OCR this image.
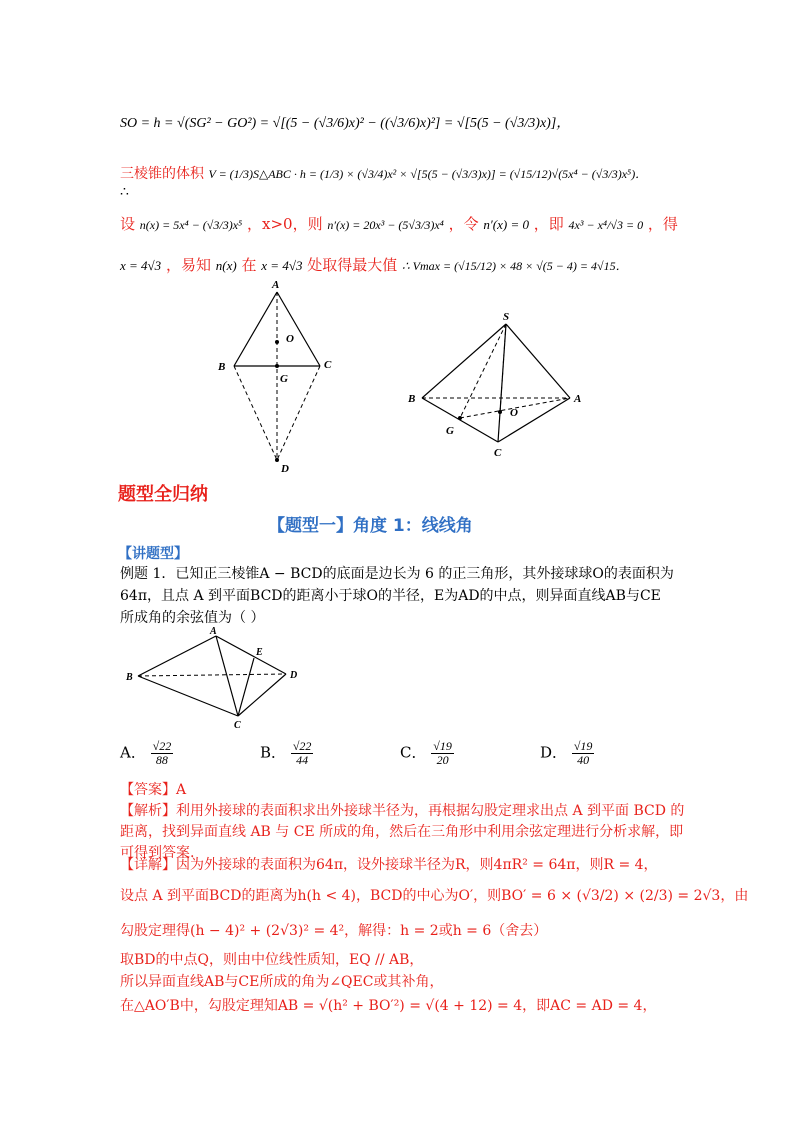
SO = h = √(SG² − GO²) = √[(5 − (√3/6)x)² − ((√3/6)x)²] = √[5(5 − (√3/3)x)]，
三棱锥的体积 V = (1/3)S△ABC · h = (1/3) × (√3/4)x² × √[5(5 − (√3/3)x)] = (√15/12)√(5x⁴ − (√3/3)x⁵)．
∴
设 n(x) = 5x⁴ − (√3/3)x⁵ ，x>0，则 n′(x) = 20x³ − (5√3/3)x⁴ ，令 n′(x) = 0 ，即 4x³ − x⁴/√3 = 0 ，得
x = 4√3 ，易知 n(x) 在 x = 4√3 处取得最大值 ∴ Vmax = (√15/12) × 48 × √(5 − 4) = 4√15．
A
O
B
G
C
D
S
B
O
A
G
C
题型全归纳
【题型一】角度 1：线线角
【讲题型】
例题 1．已知正三棱锥A − BCD的底面是边长为 6 的正三角形，其外接球球O的表面积为
64π，且点 A 到平面BCD的距离小于球O的半径，E为AD的中点，则异面直线AB与CE
所成角的余弦值为（ ）
A
E
B	D
C
A． $\frac{√22}{88}$	B． $\frac{√22}{44}$	C． $\frac{√19}{20}$	D． $\frac{√19}{40}$
【答案】A
【解析】利用外接球的表面积求出外接球半径为，再根据勾股定理求出点 A 到平面 BCD 的
距离，找到异面直线 AB 与 CE 所成的角，然后在三角形中利用余弦定理进行分析求解，即
可得到答案.
【详解】因为外接球的表面积为64π，设外接球半径为R，则4πR² = 64π，则R = 4，
设点 A 到平面BCD的距离为h(h < 4)，BCD的中心为O′，则BO′ = 6 × (√3/2) × (2/3) = 2√3，由
勾股定理得(h − 4)² + (2√3)² = 4²，解得：h = 2或h = 6（舍去）
取BD的中点Q，则由中位线性质知，EQ // AB，
所以异面直线AB与CE所成的角为∠QEC或其补角，
在△AO′B中，勾股定理知AB = √(h² + BO′²) = √(4 + 12) = 4，即AC = AD = 4，
